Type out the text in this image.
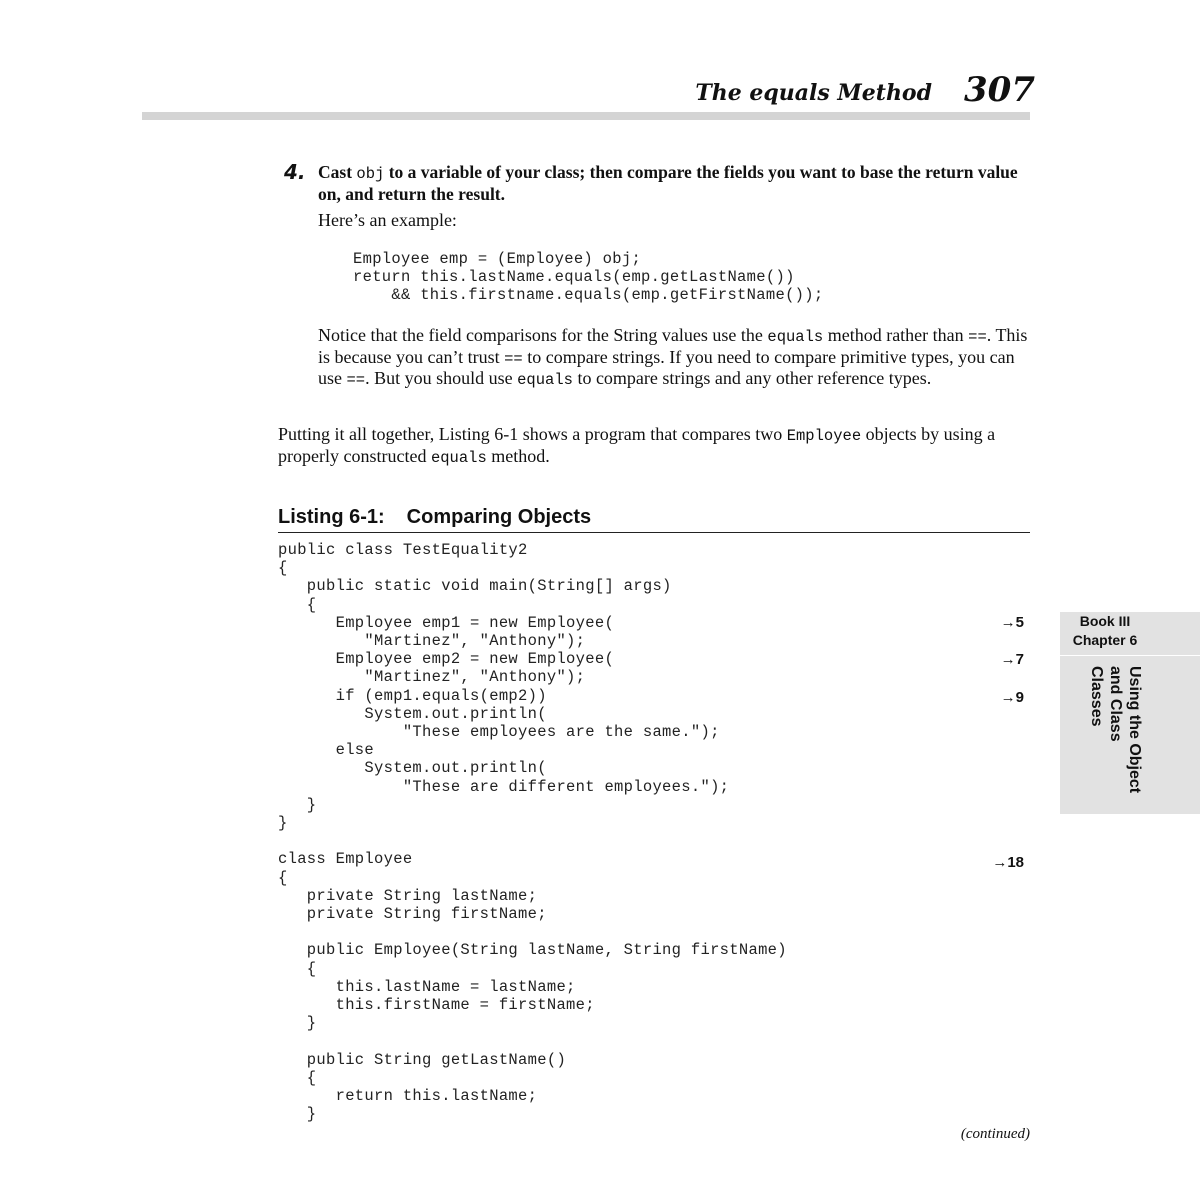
The equals Method 307
4. Cast obj to a variable of your class; then compare the fields you want to base the return value on, and return the result.
Here’s an example:
Employee emp = (Employee) obj;
return this.lastName.equals(emp.getLastName())
&& this.firstname.equals(emp.getFirstName());
Notice that the field comparisons for the String values use the equals method rather than ==. This is because you can’t trust == to compare strings. If you need to compare primitive types, you can use ==. But you should use equals to compare strings and any other reference types.
Putting it all together, Listing 6-1 shows a program that compares two Employee objects by using a properly constructed equals method.
Listing 6-1: Comparing Objects
public class TestEquality2
{
public static void main(String[] args)
{
Employee emp1 = new Employee(
"Martinez", "Anthony");
Employee emp2 = new Employee(
"Martinez", "Anthony");
if (emp1.equals(emp2))
System.out.println(
"These employees are the same.");
else
System.out.println(
"These are different employees.");
}
}
class Employee
{
private String lastName;
private String firstName;
public Employee(String lastName, String firstName)
{
this.lastName = lastName;
this.firstName = firstName;
}
public String getLastName()
{
return this.lastName;
}
→5
→7
→9
→18
(continued)
Book III
Chapter 6
Using the Object
and Class Classes
